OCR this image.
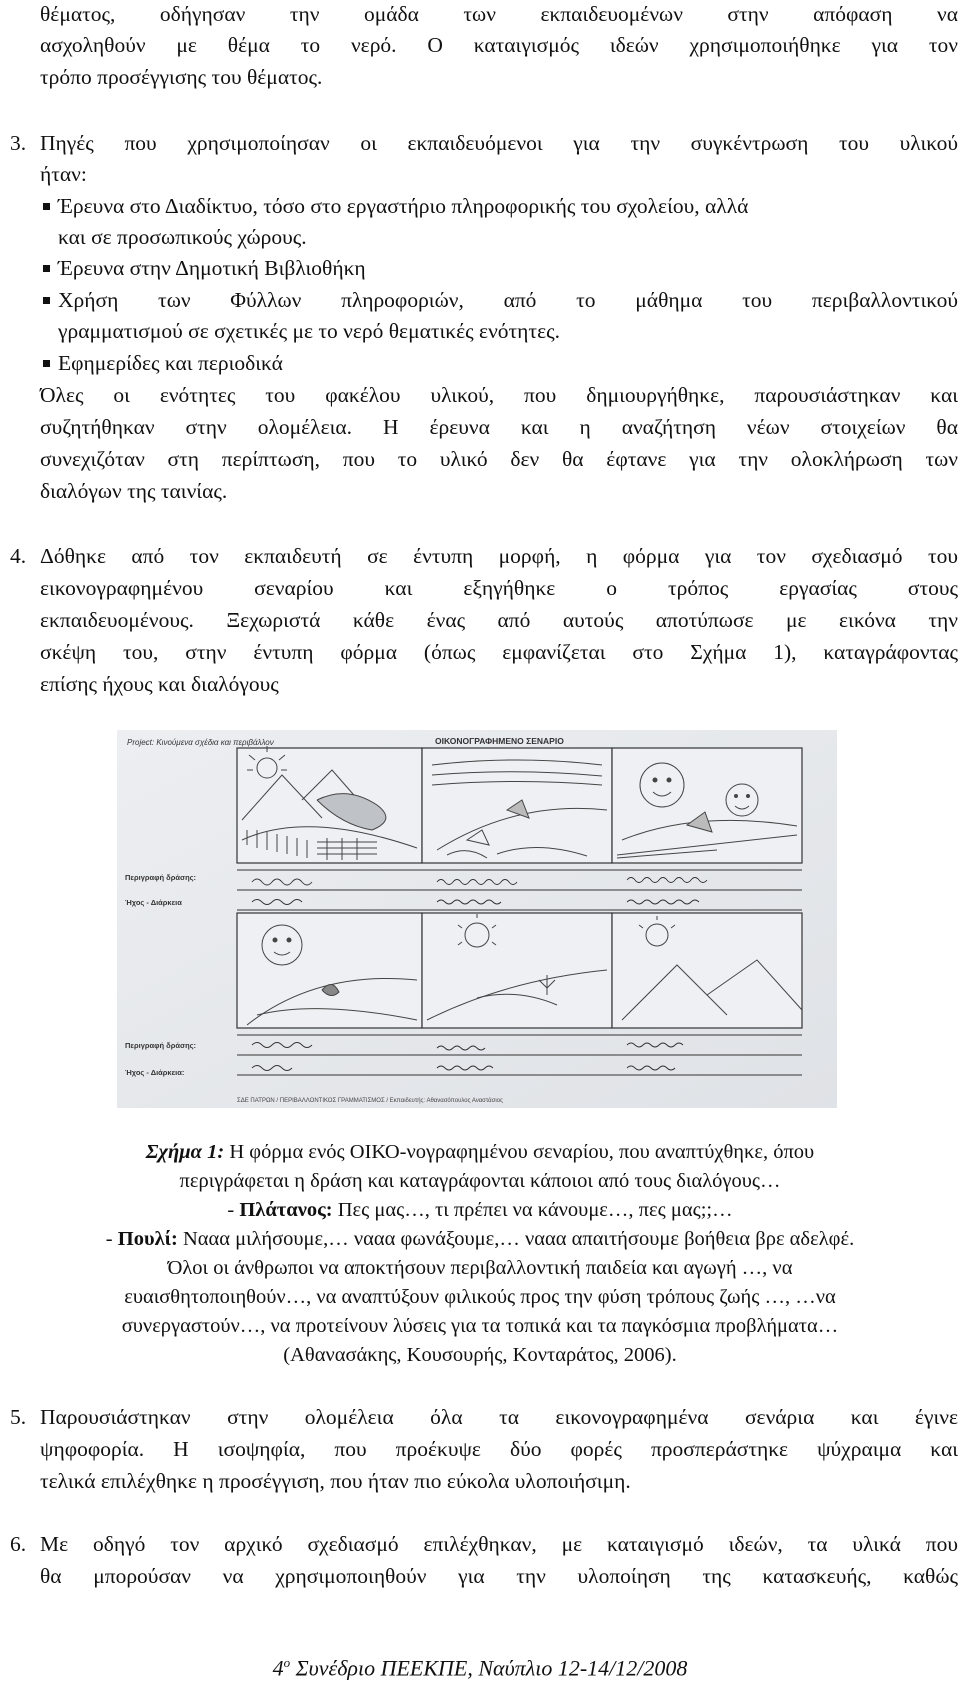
θέματος, οδήγησαν την ομάδα των εκπαιδευομένων στην απόφαση να
ασχοληθούν με θέμα το νερό. Ο καταιγισμός ιδεών χρησιμοποιήθηκε για τον
τρόπο προσέγγισης του θέματος.
3. Πηγές που χρησιμοποίησαν οι εκπαιδευόμενοι για την συγκέντρωση του υλικού
ήταν:
Έρευνα στο Διαδίκτυο, τόσο στο εργαστήριο πληροφορικής του σχολείου, αλλά
και σε προσωπικούς χώρους.
Έρευνα στην Δημοτική Βιβλιοθήκη
Χρήση των Φύλλων πληροφοριών, από το μάθημα του περιβαλλοντικού
γραμματισμού σε σχετικές με το νερό θεματικές ενότητες.
Εφημερίδες και περιοδικά
Όλες οι ενότητες του φακέλου υλικού, που δημιουργήθηκε, παρουσιάστηκαν και
συζητήθηκαν στην ολομέλεια. Η έρευνα και η αναζήτηση νέων στοιχείων θα
συνεχιζόταν στη περίπτωση, που το υλικό δεν θα έφτανε για την ολοκλήρωση των
διαλόγων της ταινίας.
4. Δόθηκε από τον εκπαιδευτή σε έντυπη μορφή, η φόρμα για τον σχεδιασμό του
εικονογραφημένου σεναρίου και εξηγήθηκε ο τρόπος εργασίας στους
εκπαιδευομένους. Ξεχωριστά κάθε ένας από αυτούς αποτύπωσε με εικόνα την
σκέψη του, στην έντυπη φόρμα (όπως εμφανίζεται στο Σχήμα 1), καταγράφοντας
επίσης ήχους και διαλόγους
Project: Κινούμενα σχέδια και περιβάλλον	ΟΙΚΟΝΟΓΡΑΦΗΜΕΝΟ ΣΕΝΑΡΙΟ
Περιγραφή δράσης:
Ήχος - Διάρκεια
Περιγραφή δράσης:
Ήχος - Διάρκεια:
ΣΔΕ ΠΑΤΡΩΝ / ΠΕΡΙΒΑΛΛΟΝΤΙΚΟΣ ΓΡΑΜΜΑΤΙΣΜΟΣ / Εκπαιδευτής: Αθανασόπουλος Αναστάσιος
Σχήμα 1: Η φόρμα ενός ΟΙΚΟ-νογραφημένου σεναρίου, που αναπτύχθηκε, όπου
περιγράφεται η δράση και καταγράφονται κάποιοι από τους διαλόγους…
- Πλάτανος: Πες μας…, τι πρέπει να κάνουμε…, πες μας;;…
- Πουλί: Νααα μιλήσουμε,… νααα φωνάξουμε,… νααα απαιτήσουμε βοήθεια βρε αδελφέ.
Όλοι οι άνθρωποι να αποκτήσουν περιβαλλοντική παιδεία και αγωγή …, να
ευαισθητοποιηθούν…, να αναπτύξουν φιλικούς προς την φύση τρόπους ζωής …, …να
συνεργαστούν…, να προτείνουν λύσεις για τα τοπικά και τα παγκόσμια προβλήματα…
(Αθανασάκης, Κουσουρής, Κονταράτος, 2006).
5. Παρουσιάστηκαν στην ολομέλεια όλα τα εικονογραφημένα σενάρια και έγινε
ψηφοφορία. Η ισοψηφία, που προέκυψε δύο φορές προσπεράστηκε ψύχραιμα και
τελικά επιλέχθηκε η προσέγγιση, που ήταν πιο εύκολα υλοποιήσιμη.
6. Με οδηγό τον αρχικό σχεδιασμό επιλέχθηκαν, με καταιγισμό ιδεών, τα υλικά που
θα μπορούσαν να χρησιμοποιηθούν για την υλοποίηση της κατασκευής, καθώς
$4^o$ Συνέδριο ΠΕΕΚΠΕ, Ναύπλιο 12-14/12/2008
